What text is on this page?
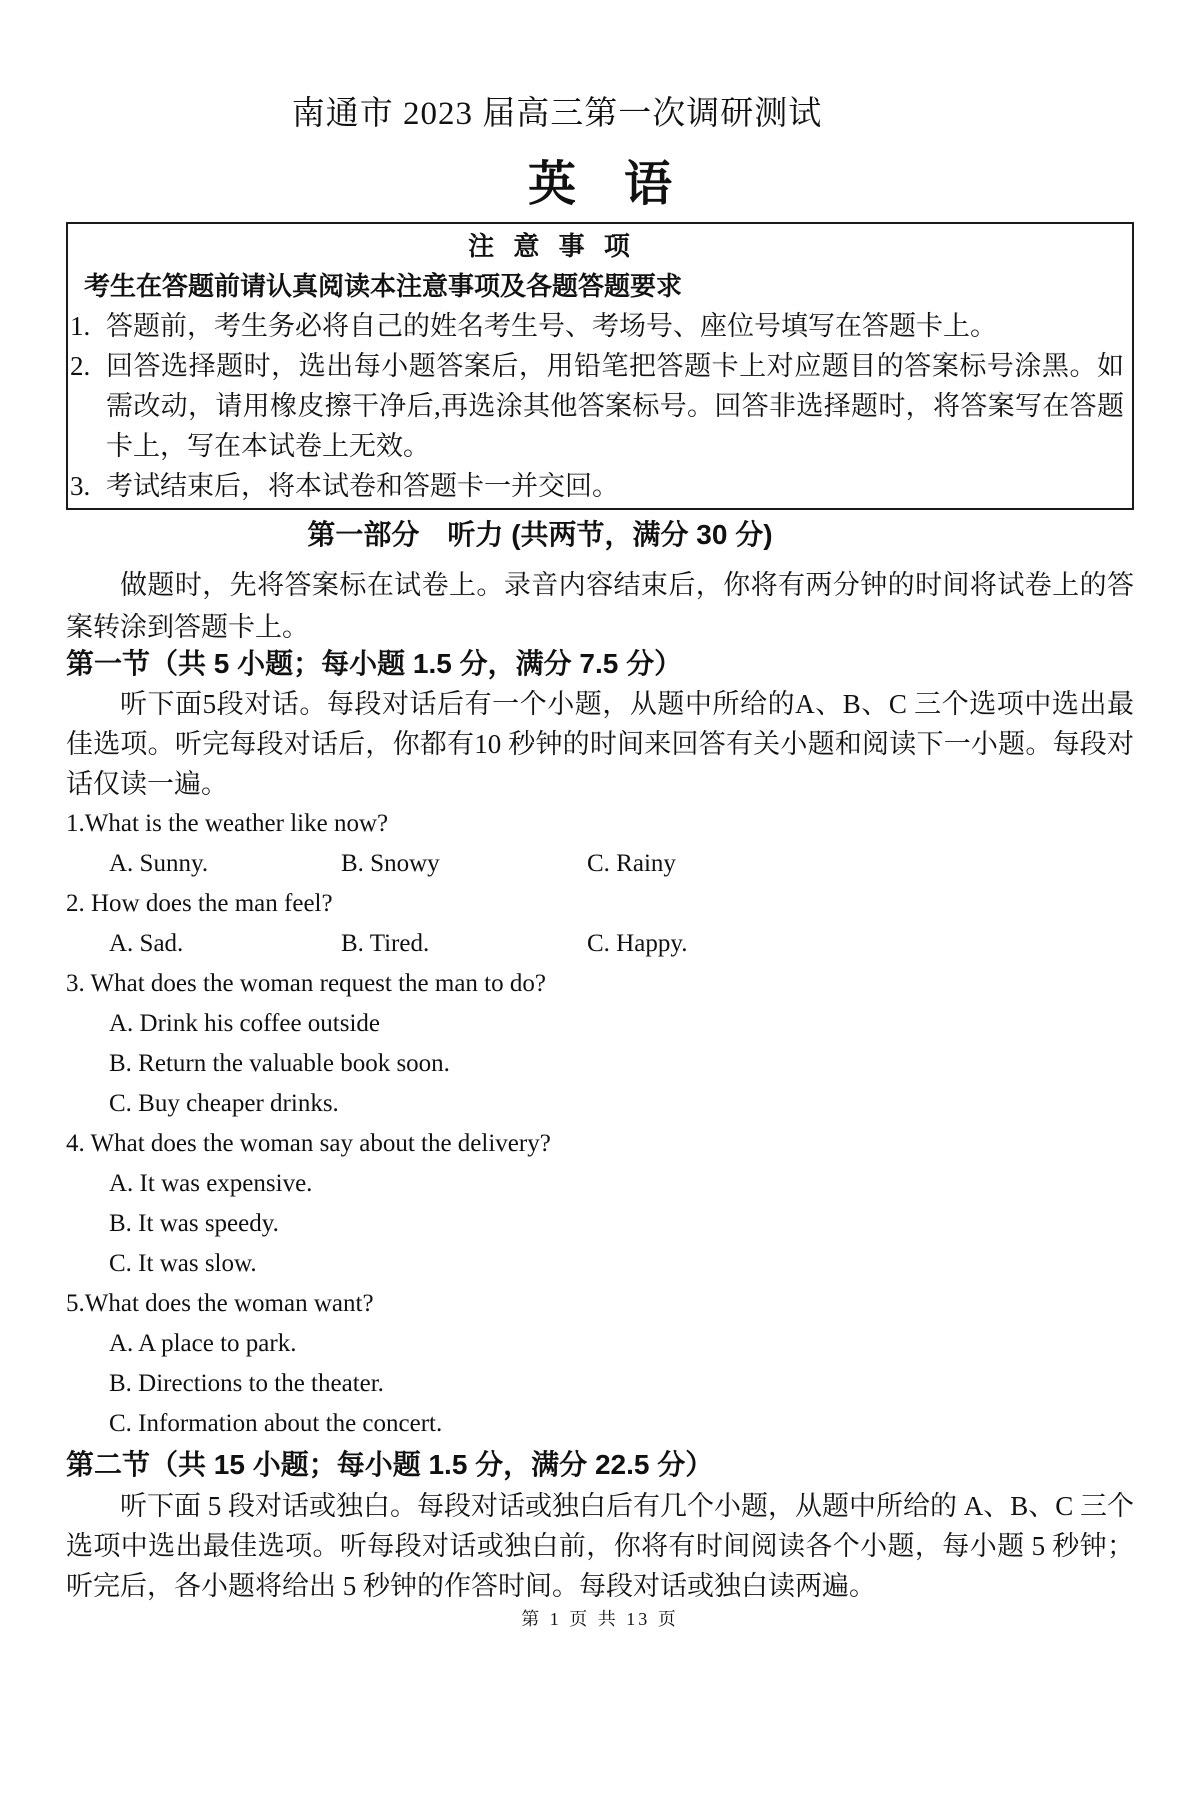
南通市 2023 届高三第一次调研测试
英　语
注 意 事 项
考生在答题前请认真阅读本注意事项及各题答题要求
1. 答题前，考生务必将自己的姓名考生号、考场号、座位号填写在答题卡上。
2. 回答选择题时，选出每小题答案后，用铅笔把答题卡上对应题目的答案标号涂黑。如需改动，请用橡皮擦干净后,再选涂其他答案标号。回答非选择题时，将答案写在答题卡上，写在本试卷上无效。
3. 考试结束后，将本试卷和答题卡一并交回。
第一部分　听力 (共两节，满分 30 分)

做题时，先将答案标在试卷上。录音内容结束后，你将有两分钟的时间将试卷上的答案转涂到答题卡上。

第一节（共 5 小题；每小题 1.5 分，满分 7.5 分）

听下面5段对话。每段对话后有一个小题，从题中所给的A、B、C 三个选项中选出最佳选项。听完每段对话后，你都有10 秒钟的时间来回答有关小题和阅读下一小题。每段对话仅读一遍。

1.What is the weather like now?
A. Sunny.	B. Snowy	C. Rainy
2. How does the man feel?
A. Sad.	B. Tired.	C. Happy.
3. What does the woman request the man to do?
A. Drink his coffee outside
B. Return the valuable book soon.
C. Buy cheaper drinks.
4. What does the woman say about the delivery?
A. It was expensive.
B. It was speedy.
C. It was slow.
5.What does the woman want?
A. A place to park.
B. Directions to the theater.
C. Information about the concert.
第二节（共 15 小题；每小题 1.5 分，满分 22.5 分）

听下面 5 段对话或独白。每段对话或独白后有几个小题，从题中所给的 A、B、C 三个选项中选出最佳选项。听每段对话或独白前，你将有时间阅读各个小题，每小题 5 秒钟；听完后，各小题将给出 5 秒钟的作答时间。每段对话或独白读两遍。

第 1 页 共 13 页
